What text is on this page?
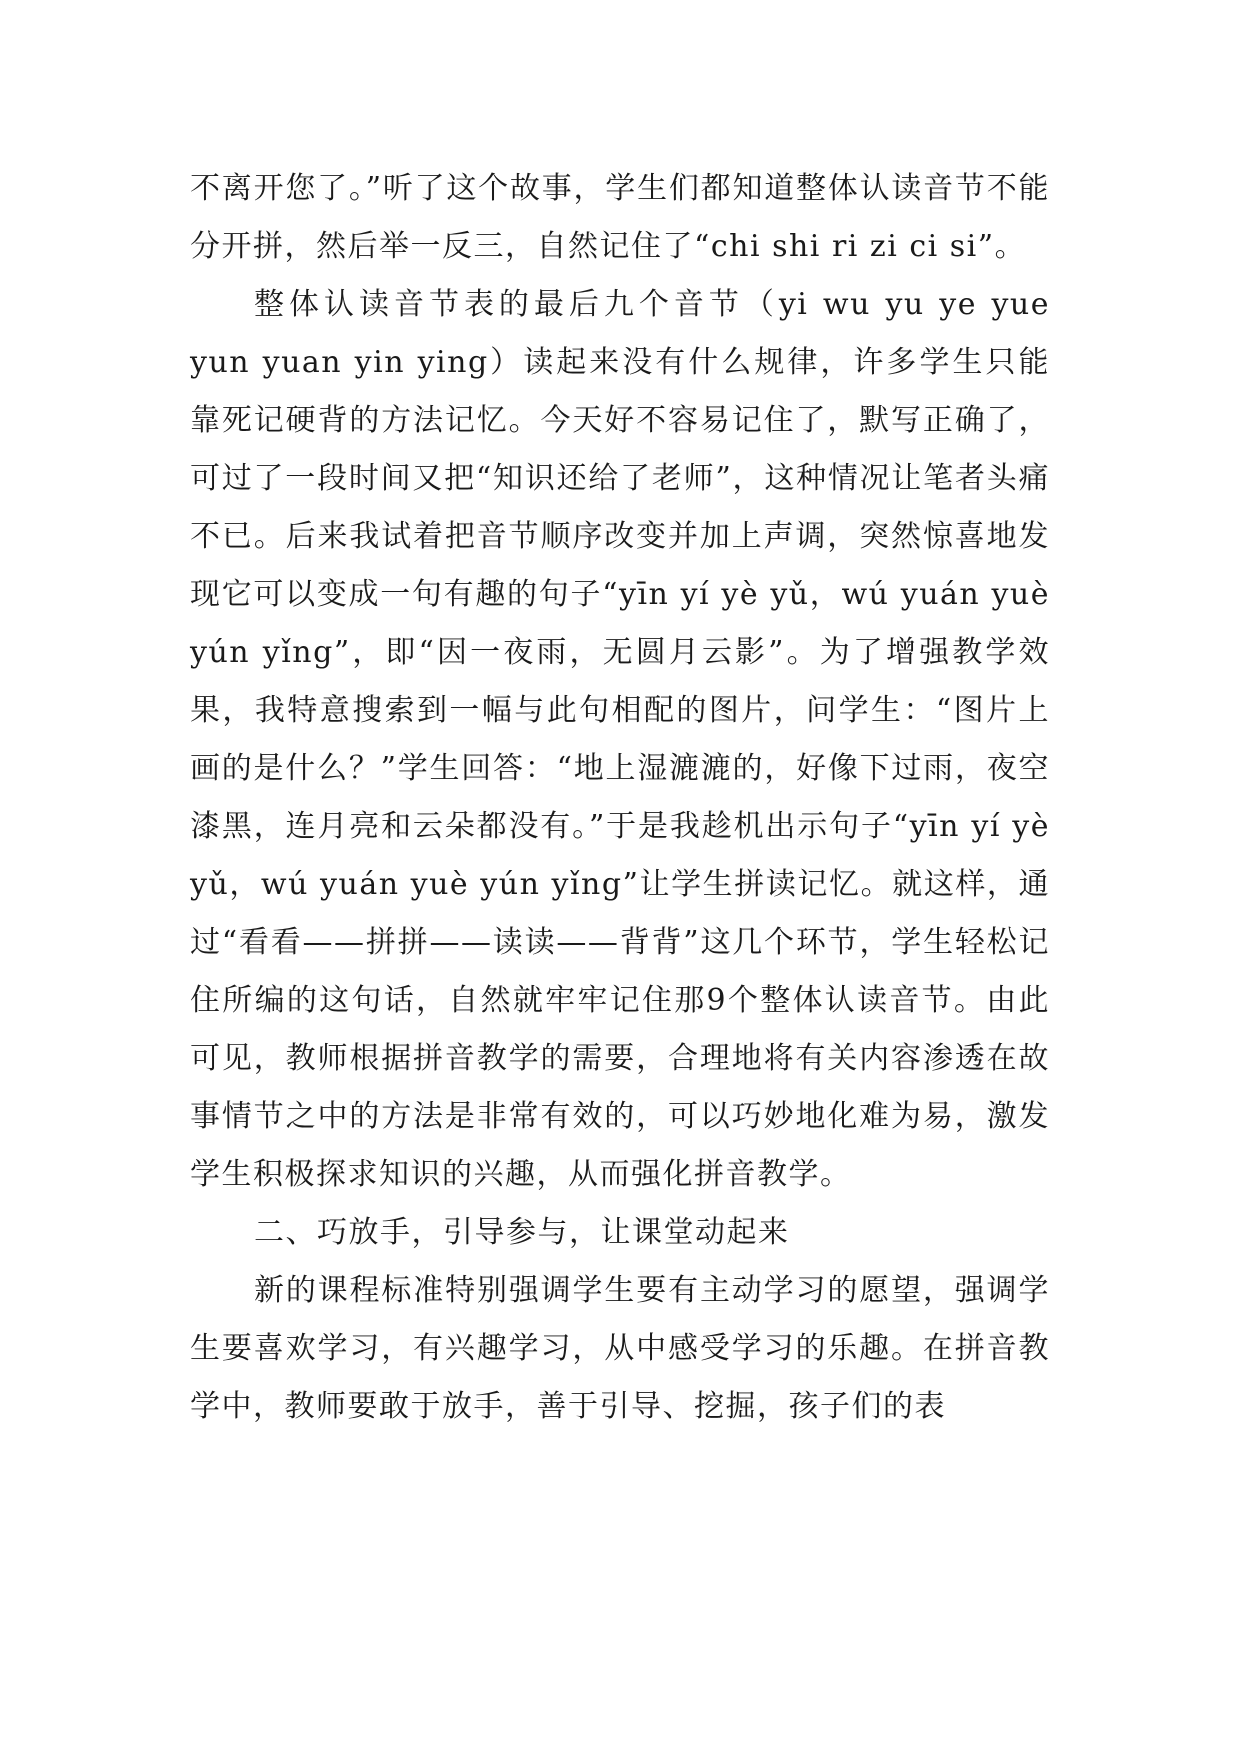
不离开您了。”听了这个故事，学生们都知道整体认读音节不能分开拼，然后举一反三，自然记住了“chi shi ri zi ci si”。

整体认读音节表的最后九个音节（yi wu yu ye yue yun yuan yin ying）读起来没有什么规律，许多学生只能靠死记硬背的方法记忆。今天好不容易记住了，默写正确了，可过了一段时间又把“知识还给了老师”，这种情况让笔者头痛不已。后来我试着把音节顺序改变并加上声调，突然惊喜地发现它可以变成一句有趣的句子“yīn yí yè yǔ，wú yuán yuè yún yǐng”，即“因一夜雨，无圆月云影”。为了增强教学效果，我特意搜索到一幅与此句相配的图片，问学生：“图片上画的是什么？”学生回答：“地上湿漉漉的，好像下过雨，夜空漆黑，连月亮和云朵都没有。”于是我趁机出示句子“yīn yí yè yǔ，wú yuán yuè yún yǐng”让学生拼读记忆。就这样，通过“看看——拼拼——读读——背背”这几个环节，学生轻松记住所编的这句话，自然就牢牢记住那9个整体认读音节。由此可见，教师根据拼音教学的需要，合理地将有关内容渗透在故事情节之中的方法是非常有效的，可以巧妙地化难为易，激发学生积极探求知识的兴趣，从而强化拼音教学。

二、巧放手，引导参与，让课堂动起来

新的课程标准特别强调学生要有主动学习的愿望，强调学生要喜欢学习，有兴趣学习，从中感受学习的乐趣。在拼音教学中，教师要敢于放手，善于引导、挖掘，孩子们的表
